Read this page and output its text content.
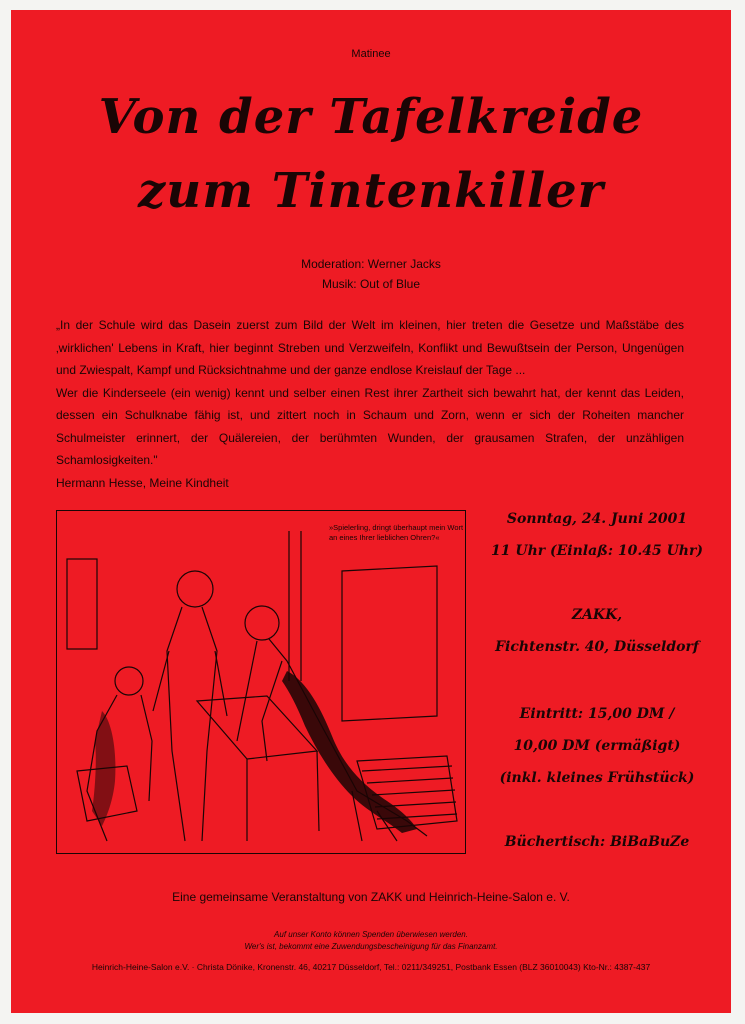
Matinee
Von der Tafelkreide
zum Tintenkiller
Moderation: Werner Jacks
Musik: Out of Blue

„In der Schule wird das Dasein zuerst zum Bild der Welt im kleinen, hier treten die Gesetze und Maßstäbe des ‚wirklichen' Lebens in Kraft, hier beginnt Streben und Verzweifeln, Konflikt und Bewußtsein der Person, Ungenügen und Zwiespalt, Kampf und Rücksichtnahme und der ganze endlose Kreislauf der Tage ...

Wer die Kinderseele (ein wenig) kennt und selber einen Rest ihrer Zartheit sich bewahrt hat, der kennt das Leiden, dessen ein Schulknabe fähig ist, und zittert noch in Schaum und Zorn, wenn er sich der Roheiten mancher Schulmeister erinnert, der Quälereien, der berühmten Wunden, der grausamen Strafen, der unzähligen Schamlosigkeiten."

Hermann Hesse, Meine Kindheit

»Spielerling, dringt überhaupt mein Wort an eines Ihrer lieblichen Ohren?«
Sonntag, 24. Juni 2001
11 Uhr (Einlaß: 10.45 Uhr)
ZAKK,
Fichtenstr. 40, Düsseldorf
Eintritt: 15,00 DM /
10,00 DM (ermäßigt)
(inkl. kleines Frühstück)
Büchertisch: BiBaBuZe
Eine gemeinsame Veranstaltung von ZAKK und Heinrich-Heine-Salon e. V.
Auf unser Konto können Spenden überwiesen werden.
Wer's ist, bekommt eine Zuwendungsbescheinigung für das Finanzamt.
Heinrich-Heine-Salon e.V. · Christa Dönike, Kronenstr. 46, 40217 Düsseldorf, Tel.: 0211/349251, Postbank Essen (BLZ 36010043) Kto-Nr.: 4387-437
